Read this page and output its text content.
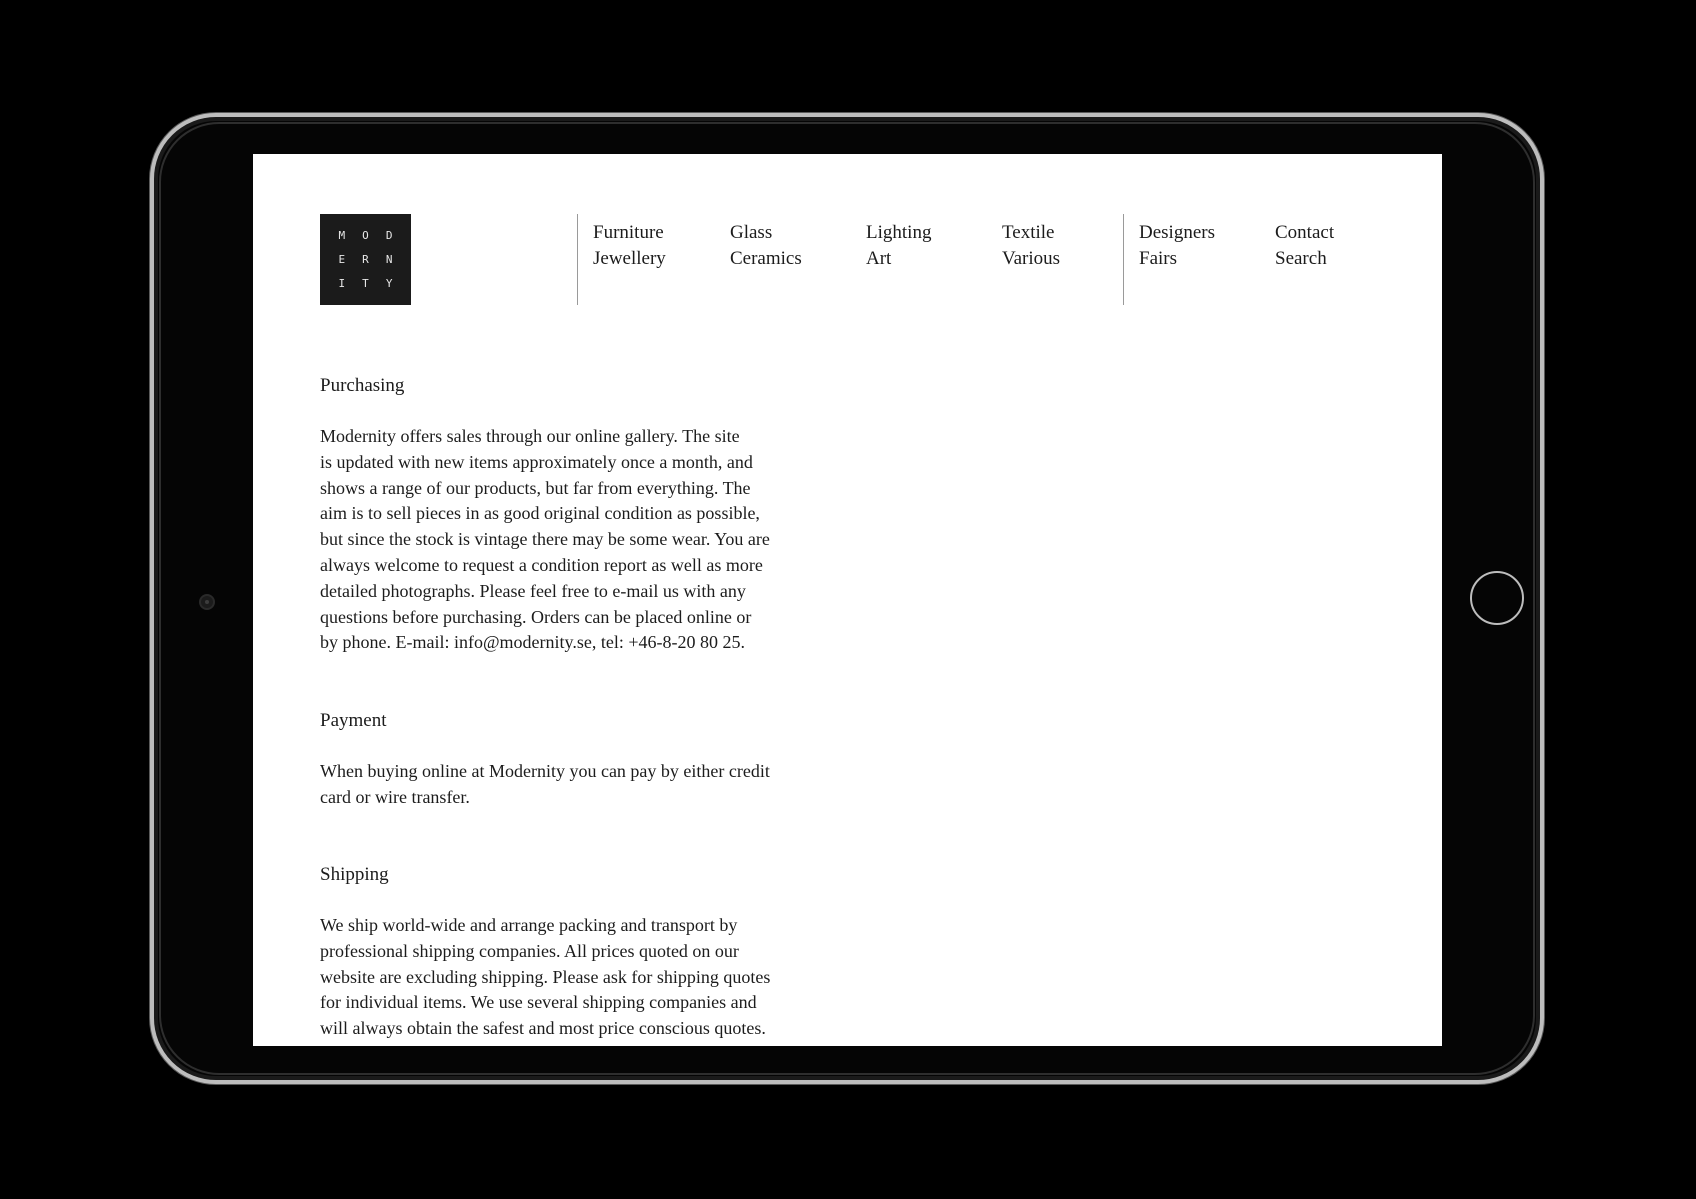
M	O	D
E	R	N
I	T	Y
Furniture
Jewellery
Glass
Ceramics
Lighting
Art
Textile
Various
Designers
Fairs
Contact
Search
Purchasing
Modernity offers sales through our online gallery. The site
is updated with new items approximately once a month, and
shows a range of our products, but far from everything. The
aim is to sell pieces in as good original condition as possible,
but since the stock is vintage there may be some wear. You are
always welcome to request a condition report as well as more
detailed photographs. Please feel free to e-mail us with any
questions before purchasing. Orders can be placed online or
by phone. E-mail: info@modernity.se, tel: +46-8-20 80 25.
Payment
When buying online at Modernity you can pay by either credit
card or wire transfer.
Shipping
We ship world-wide and arrange packing and transport by
professional shipping companies. All prices quoted on our
website are excluding shipping. Please ask for shipping quotes
for individual items. We use several shipping companies and
will always obtain the safest and most price conscious quotes.
